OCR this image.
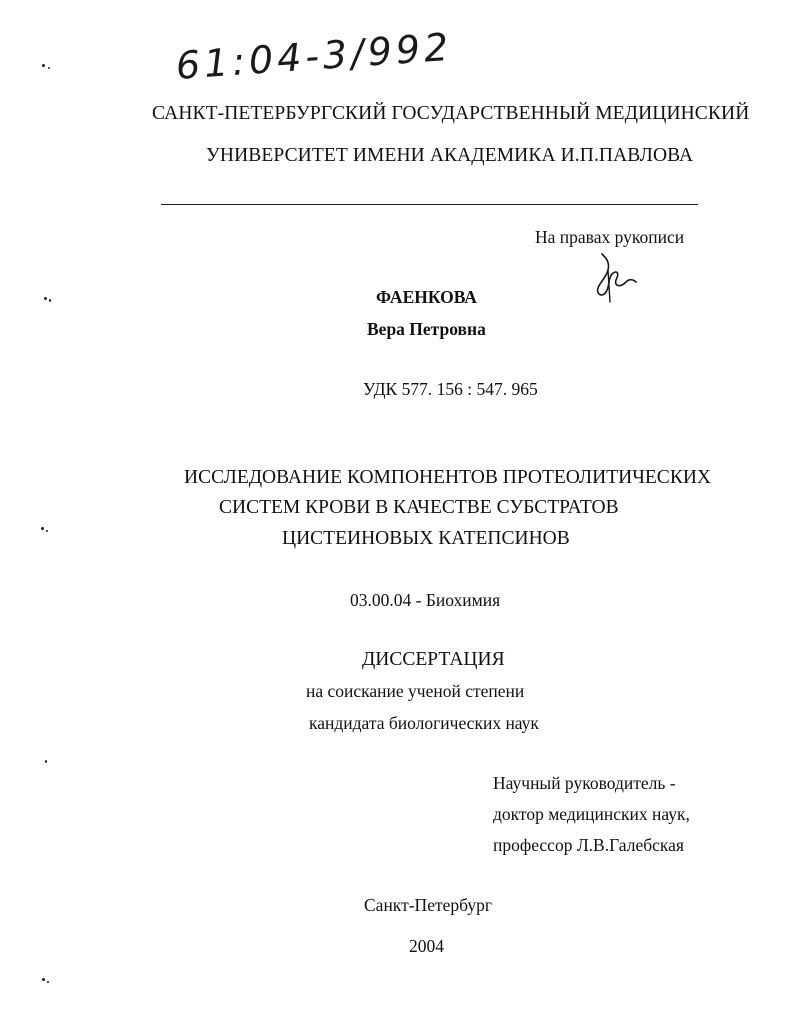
61:04-3/992
САНКТ-ПЕТЕРБУРГСКИЙ ГОСУДАРСТВЕННЫЙ МЕДИЦИНСКИЙ
УНИВЕРСИТЕТ ИМЕНИ АКАДЕМИКА И.П.ПАВЛОВА
На правах рукописи
ФАЕНКОВА
Вера Петровна
УДК 577. 156 : 547. 965
ИССЛЕДОВАНИЕ КОМПОНЕНТОВ ПРОТЕОЛИТИЧЕСКИХ
СИСТЕМ КРОВИ В КАЧЕСТВЕ СУБСТРАТОВ
ЦИСТЕИНОВЫХ КАТЕПСИНОВ
03.00.04 - Биохимия
ДИССЕРТАЦИЯ
на соискание ученой степени
кандидата биологических наук
Научный руководитель -
доктор медицинских наук,
профессор Л.В.Галебская
Санкт-Петербург
2004
